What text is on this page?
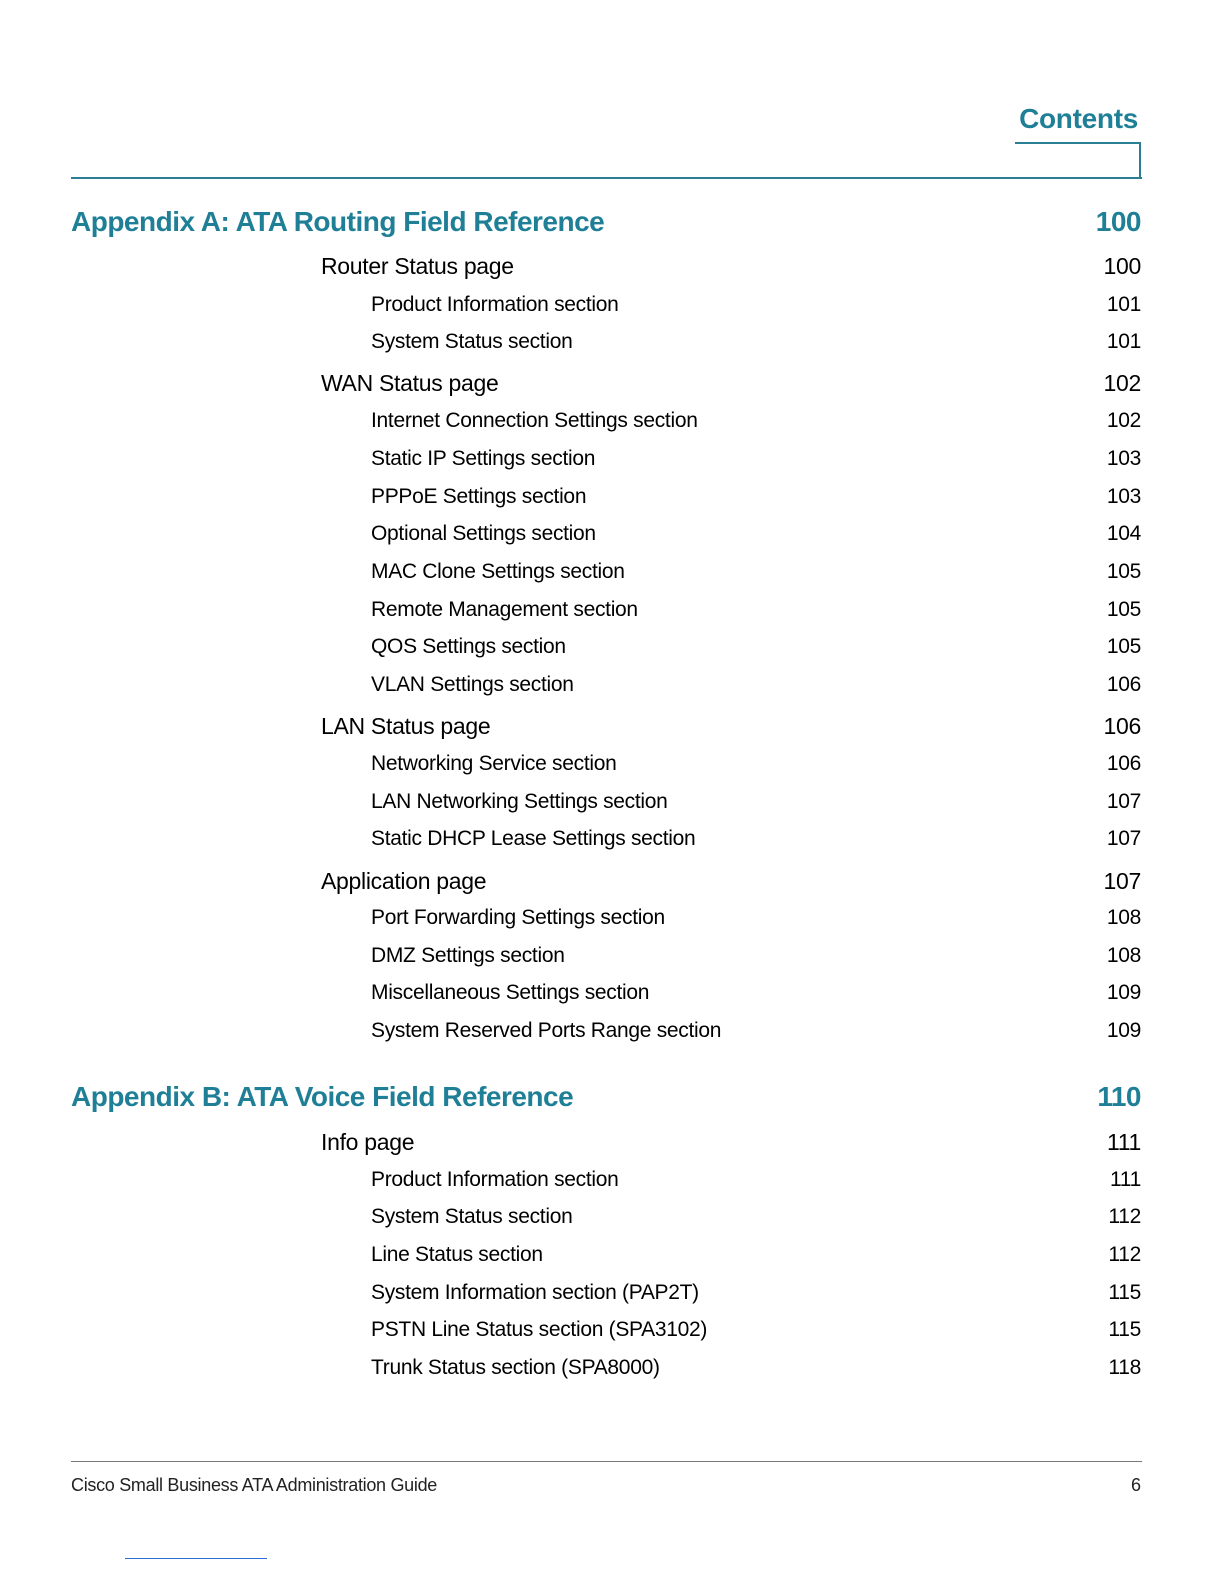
Contents
Appendix A: ATA Routing Field Reference	100
Router Status page	100
Product Information section	101
System Status section	101
WAN Status page	102
Internet Connection Settings section	102
Static IP Settings section	103
PPPoE Settings section	103
Optional Settings section	104
MAC Clone Settings section	105
Remote Management section	105
QOS Settings section	105
VLAN Settings section	106
LAN Status page	106
Networking Service section	106
LAN Networking Settings section	107
Static DHCP Lease Settings section	107
Application page	107
Port Forwarding Settings section	108
DMZ Settings section	108
Miscellaneous Settings section	109
System Reserved Ports Range section	109
Appendix B: ATA Voice Field Reference	110
Info page	111
Product Information section	111
System Status section	112
Line Status section	112
System Information section (PAP2T)	115
PSTN Line Status section (SPA3102)	115
Trunk Status section (SPA8000)	118
Cisco Small Business ATA Administration Guide	6
